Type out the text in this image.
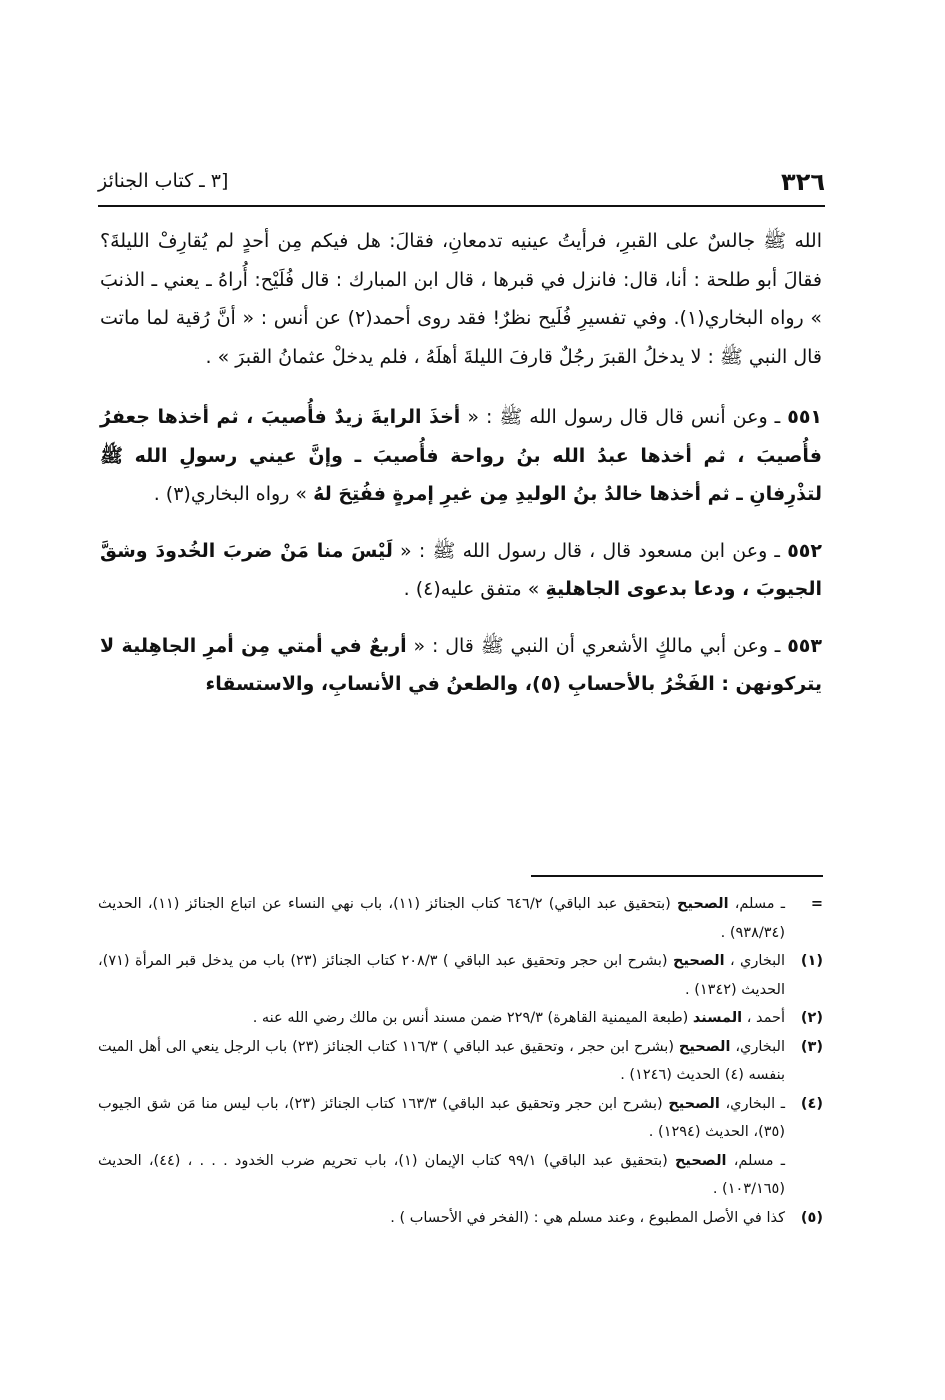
٣٢٦
[٣ ـ كتاب الجنائز

الله ﷺ جالسٌ على القبرِ، فرأيتُ عينيه تدمعانِ، فقالَ: هل فيكم مِن أحدٍ لم يُقارِفْ الليلةَ؟ فقالَ أبو طلحة : أنا، قال: فانزل في قبرها ، قال ابن المبارك : قال فُلَيْح: أُراهُ ـ يعني ـ الذنبَ » رواه البخاري(١). وفي تفسيرِ فُلَيح نظرٌ! فقد روى أحمد(٢) عن أنس : « أنَّ رُقية لما ماتت قال النبي ﷺ : لا يدخلُ القبرَ رجُلٌ قارفَ الليلةَ أهلَهُ ، فلم يدخلْ عثمانُ القبرَ » .

٥٥١ ـ وعن أنس قال قال رسول الله ﷺ : « أخذَ الرايةَ زيدٌ فأُصيبَ ، ثم أخذها جعفرُ فأُصيبَ ، ثم أخذها عبدُ الله بنُ رواحة فأُصيبَ ـ وإنَّ عيني رسولِ الله ﷺ لتذْرِفانِ ـ ثم أخذها خالدُ بنُ الوليدِ مِن غيرِ إمرةٍ ففُتِحَ لهُ » رواه البخاري(٣) .

٥٥٢ ـ وعن ابن مسعود قال ، قال رسول الله ﷺ : « لَيْسَ منا مَنْ ضربَ الخُدودَ وشقَّ الجيوبَ ، ودعا بدعوى الجاهليةِ » متفق عليه(٤) .

٥٥٣ ـ وعن أبي مالكٍ الأشعري أن النبي ﷺ قال : « أربعٌ في أمتي مِن أمرِ الجاهِلية لا يتركونهن : الفَخْرُ بالأحسابِ (٥)، والطعنُ في الأنسابِ، والاستسقاء

=
ـ مسلم، الصحيح (بتحقيق عبد الباقي) ٦٤٦/٢ كتاب الجنائز (١١)، باب نهي النساء عن اتباع الجنائز (١١)، الحديث (٩٣٨/٣٤) .
(١)
البخاري ، الصحيح (بشرح ابن حجر وتحقيق عبد الباقي ) ٢٠٨/٣ كتاب الجنائز (٢٣) باب من يدخل قبر المرأة (٧١)، الحديث (١٣٤٢) .
(٢)
أحمد ، المسند (طبعة الميمنية القاهرة) ٢٢٩/٣ ضمن مسند أنس بن مالك رضي الله عنه .
(٣)
البخاري، الصحيح (بشرح ابن حجر ، وتحقيق عبد الباقي ) ١١٦/٣ كتاب الجنائز (٢٣) باب الرجل ينعي الى أهل الميت بنفسه (٤) الحديث (١٢٤٦) .
(٤)
ـ البخاري، الصحيح (بشرح ابن حجر وتحقيق عبد الباقي) ١٦٣/٣ كتاب الجنائز (٢٣)، باب ليس منا مَن شق الجيوب (٣٥)، الحديث (١٢٩٤) .
ـ مسلم، الصحيح (بتحقيق عبد الباقي) ٩٩/١ كتاب الإيمان (١)، باب تحريم ضرب الخدود . . . ، (٤٤)، الحديث (١٠٣/١٦٥) .
(٥)
كذا في الأصل المطبوع ، وعند مسلم هي : (الفخر في الأحساب ) .
